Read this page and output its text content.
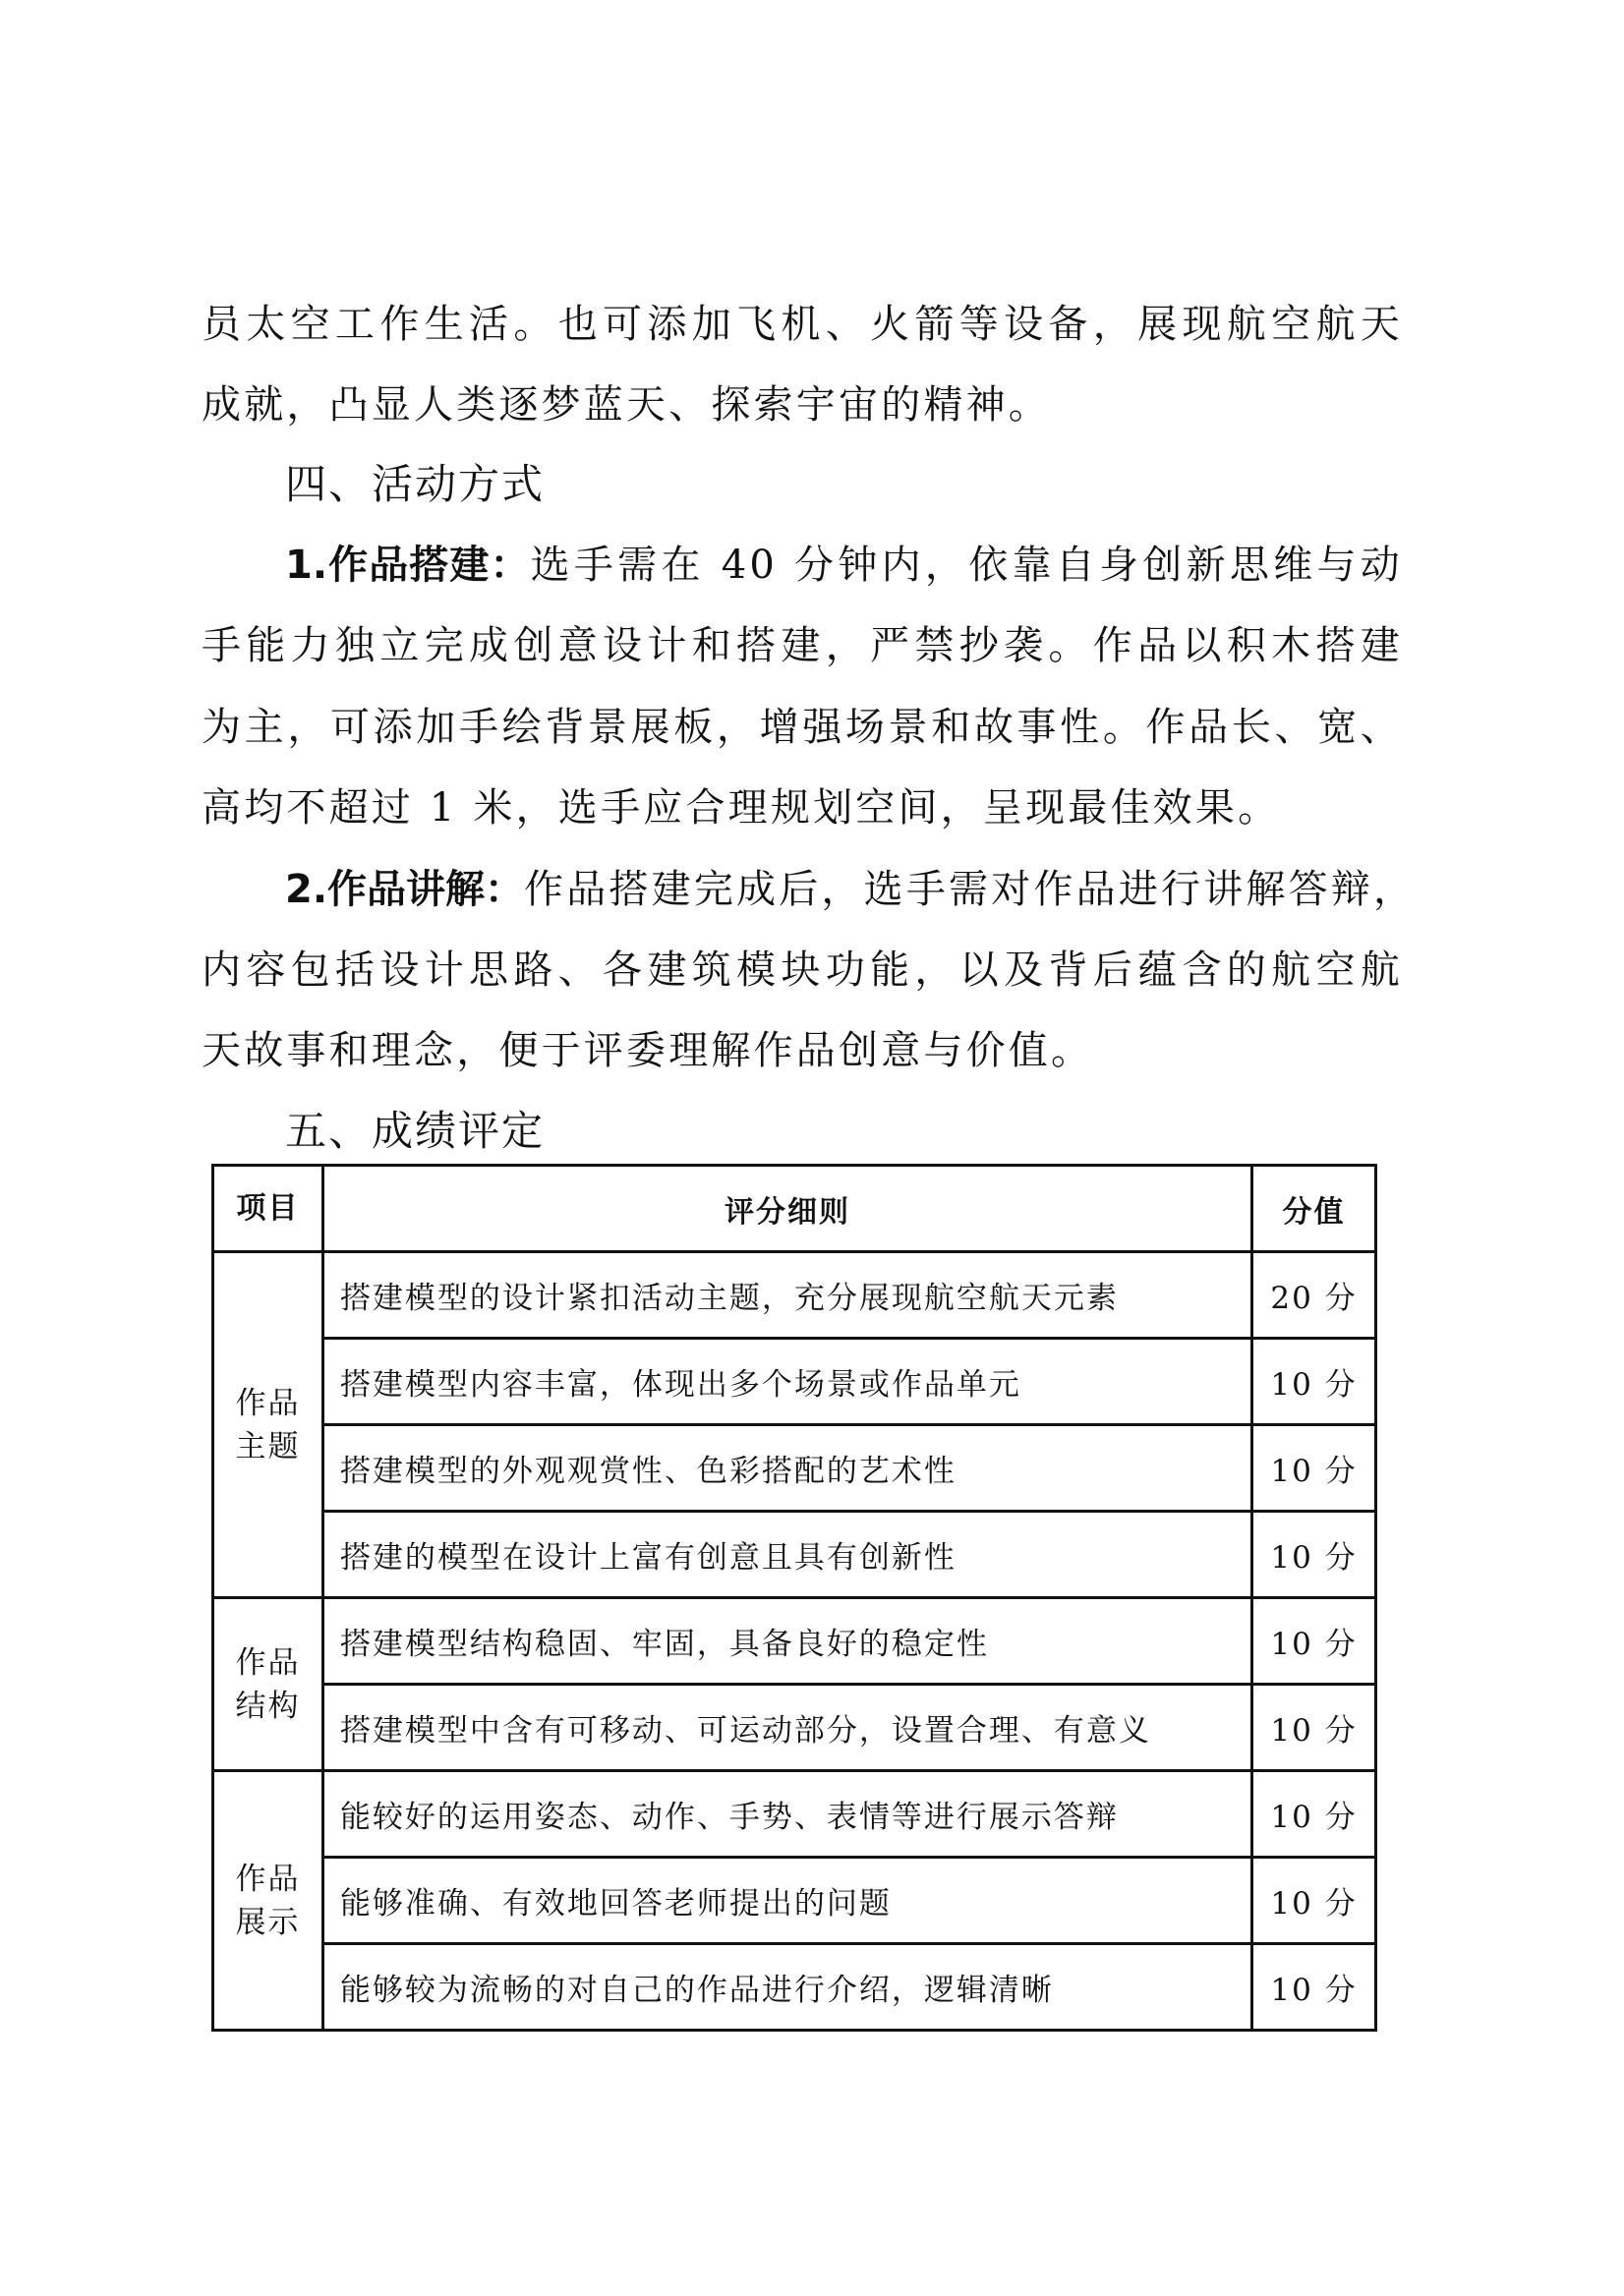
员太空工作生活。也可添加飞机、火箭等设备，展现航空航天
成就，凸显人类逐梦蓝天、探索宇宙的精神。
四、活动方式
1.作品搭建：选手需在 40 分钟内，依靠自身创新思维与动
手能力独立完成创意设计和搭建，严禁抄袭。作品以积木搭建
为主，可添加手绘背景展板，增强场景和故事性。作品长、宽、
高均不超过 1 米，选手应合理规划空间，呈现最佳效果。
2.作品讲解：作品搭建完成后，选手需对作品进行讲解答辩，
内容包括设计思路、各建筑模块功能，以及背后蕴含的航空航
天故事和理念，便于评委理解作品创意与价值。
五、成绩评定
项目	评分细则	分值
作品
主题	搭建模型的设计紧扣活动主题，充分展现航空航天元素	20 分
	搭建模型内容丰富，体现出多个场景或作品单元	10 分
	搭建模型的外观观赏性、色彩搭配的艺术性	10 分
	搭建的模型在设计上富有创意且具有创新性	10 分
作品
结构	搭建模型结构稳固、牢固，具备良好的稳定性	10 分
	搭建模型中含有可移动、可运动部分，设置合理、有意义	10 分
作品
展示	能较好的运用姿态、动作、手势、表情等进行展示答辩	10 分
	能够准确、有效地回答老师提出的问题	10 分
	能够较为流畅的对自己的作品进行介绍，逻辑清晰	10 分
